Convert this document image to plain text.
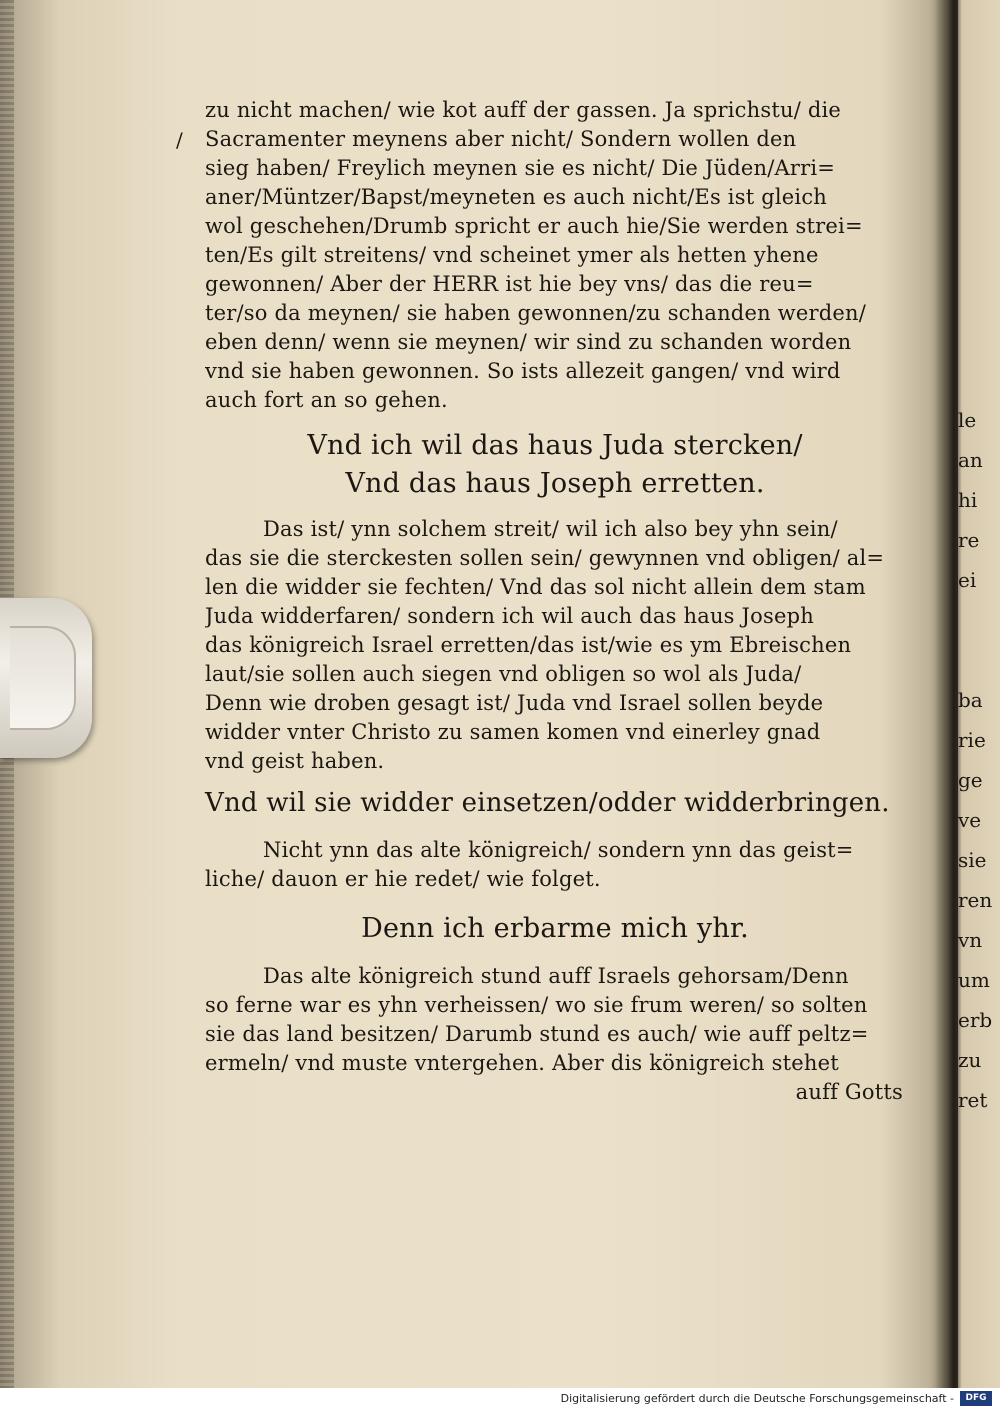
/
zu nicht machen/ wie kot auff der gassen. Ja sprichstu/ die
Sacramenter meynens aber nicht/ Sondern wollen den
sieg haben/ Freylich meynen sie es nicht/ Die Jüden/Arri=
aner/Müntzer/Bapst/meyneten es auch nicht/Es ist gleich
wol geschehen/Drumb spricht er auch hie/Sie werden strei=
ten/Es gilt streitens/ vnd scheinet ymer als hetten yhene
gewonnen/ Aber der HERR ist hie bey vns/ das die reu=
ter/so da meynen/ sie haben gewonnen/zu schanden werden/
eben denn/ wenn sie meynen/ wir sind zu schanden worden
vnd sie haben gewonnen. So ists allezeit gangen/ vnd wird
auch fort an so gehen.
Vnd ich wil das haus Juda stercken/
Vnd das haus Joseph erretten.
Das ist/ ynn solchem streit/ wil ich also bey yhn sein/
das sie die sterckesten sollen sein/ gewynnen vnd obligen/ al=
len die widder sie fechten/ Vnd das sol nicht allein dem stam
Juda widderfaren/ sondern ich wil auch das haus Joseph
das königreich Israel erretten/das ist/wie es ym Ebreischen
laut/sie sollen auch siegen vnd obligen so wol als Juda/
Denn wie droben gesagt ist/ Juda vnd Israel sollen beyde
widder vnter Christo zu samen komen vnd einerley gnad
vnd geist haben.
Vnd wil sie widder einsetzen/odder widderbringen.
Nicht ynn das alte königreich/ sondern ynn das geist=
liche/ dauon er hie redet/ wie folget.
Denn ich erbarme mich yhr.
Das alte königreich stund auff Israels gehorsam/Denn
so ferne war es yhn verheissen/ wo sie frum weren/ so solten
sie das land besitzen/ Darumb stund es auch/ wie auff peltz=
ermeln/ vnd muste vntergehen. Aber dis königreich stehet
auff Gotts
le
an
hi
re
ei
ba
rie
ge
ve
sie
ren
vn
um
erb
zu
ret
Digitalisierung gefördert durch die Deutsche Forschungsgemeinschaft -	DFG
